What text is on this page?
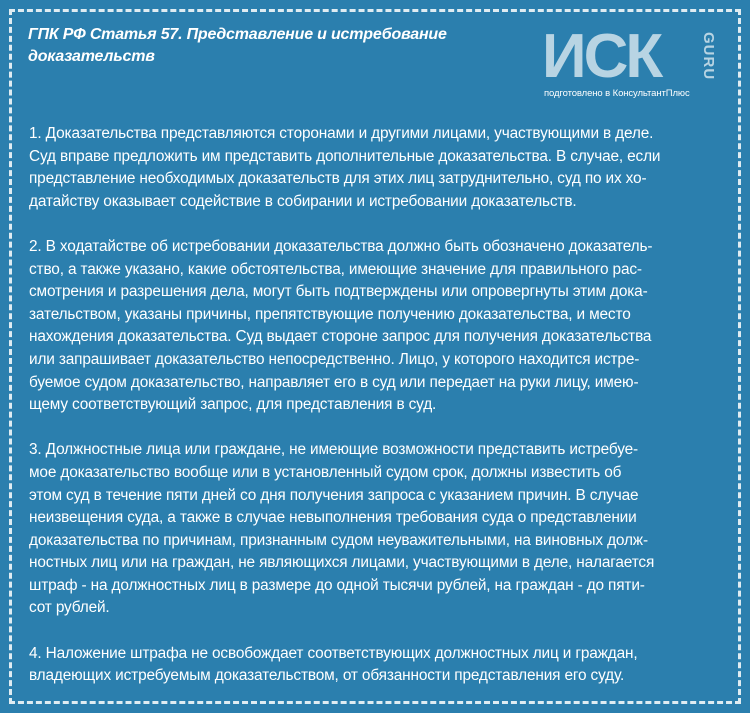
ГПК РФ Статья 57. Представление и истребование
доказательств	ИСК	GURU
подготовлено в КонсультантПлюс
1. Доказательства представляются сторонами и другими лицами, участвующими в деле.
Суд вправе предложить им представить дополнительные доказательства. В случае, если
представление необходимых доказательств для этих лиц затруднительно, суд по их хо-
датайству оказывает содействие в собирании и истребовании доказательств.
2. В ходатайстве об истребовании доказательства должно быть обозначено доказатель-
ство, а также указано, какие обстоятельства, имеющие значение для правильного рас-
смотрения и разрешения дела, могут быть подтверждены или опровергнуты этим дока-
зательством, указаны причины, препятствующие получению доказательства, и место
нахождения доказательства. Суд выдает стороне запрос для получения доказательства
или запрашивает доказательство непосредственно. Лицо, у которого находится истре-
буемое судом доказательство, направляет его в суд или передает на руки лицу, имею-
щему соответствующий запрос, для представления в суд.
3. Должностные лица или граждане, не имеющие возможности представить истребуе-
мое доказательство вообще или в установленный судом срок, должны известить об
этом суд в течение пяти дней со дня получения запроса с указанием причин. В случае
неизвещения суда, а также в случае невыполнения требования суда о представлении
доказательства по причинам, признанным судом неуважительными, на виновных долж-
ностных лиц или на граждан, не являющихся лицами, участвующими в деле, налагается
штраф - на должностных лиц в размере до одной тысячи рублей, на граждан - до пяти-
сот рублей.
4. Наложение штрафа не освобождает соответствующих должностных лиц и граждан,
владеющих истребуемым доказательством, от обязанности представления его суду.
